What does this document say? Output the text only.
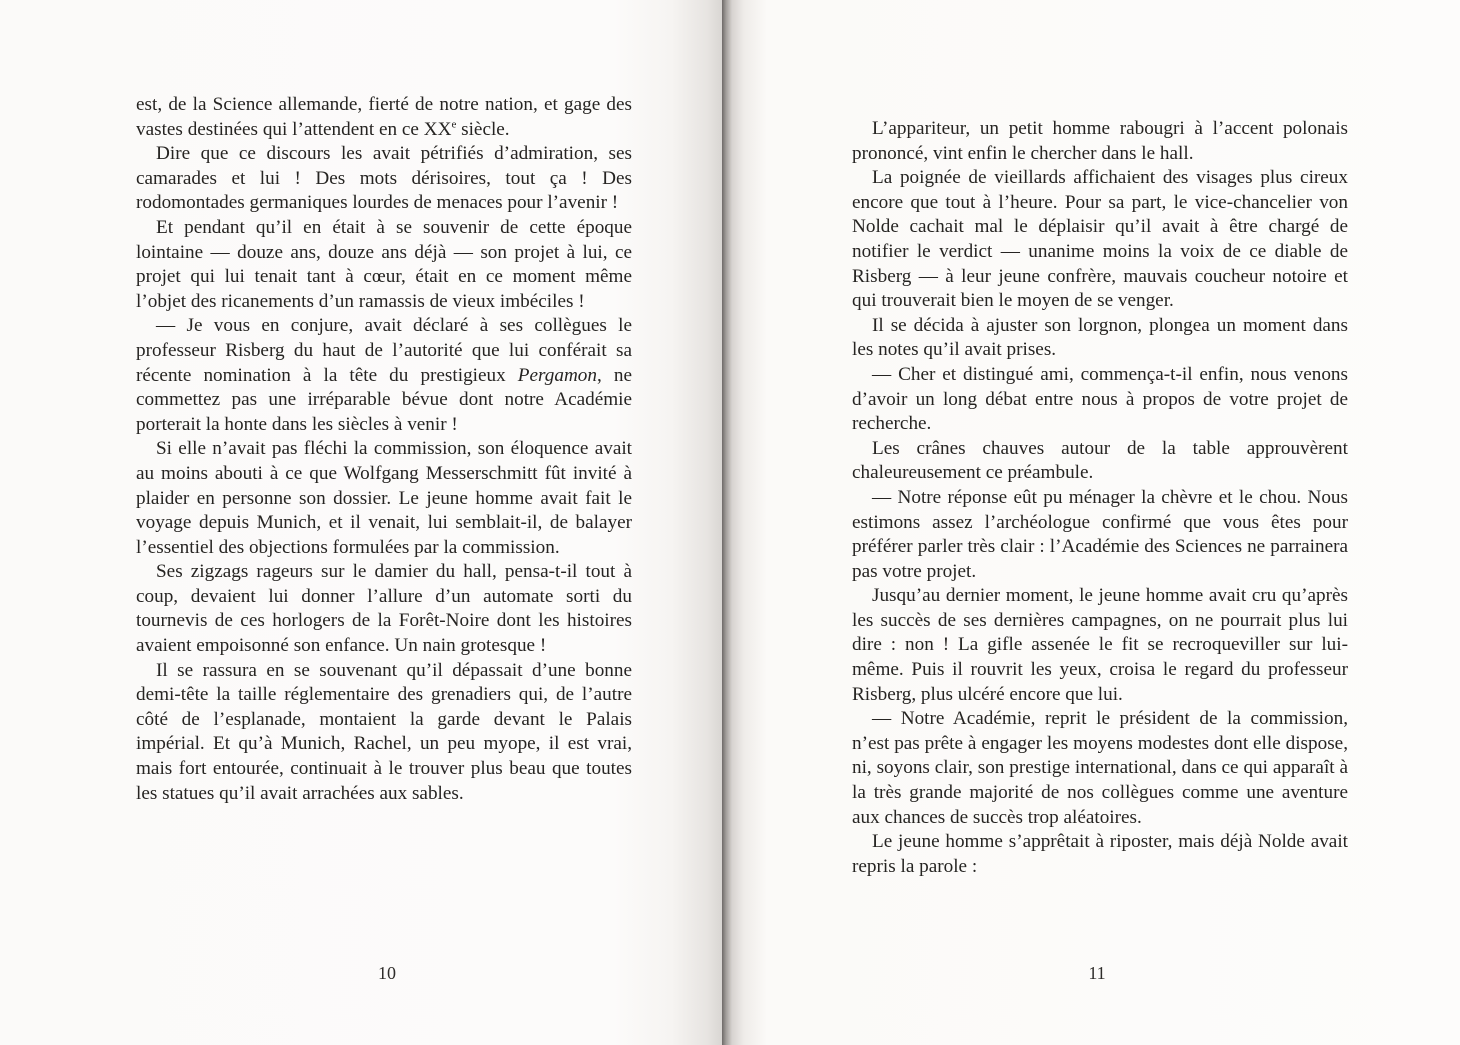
est, de la Science allemande, fierté de notre nation, et gage des vastes destinées qui l’attendent en ce XXe siècle.

Dire que ce discours les avait pétrifiés d’admiration, ses camarades et lui ! Des mots dérisoires, tout ça ! Des rodomontades germaniques lourdes de menaces pour l’avenir !

Et pendant qu’il en était à se souvenir de cette époque lointaine — douze ans, douze ans déjà — son projet à lui, ce projet qui lui tenait tant à cœur, était en ce moment même l’objet des ricanements d’un ramassis de vieux imbéciles !

— Je vous en conjure, avait déclaré à ses collègues le professeur Risberg du haut de l’autorité que lui conférait sa récente nomination à la tête du prestigieux Pergamon, ne commettez pas une irréparable bévue dont notre Académie porterait la honte dans les siècles à venir !

Si elle n’avait pas fléchi la commission, son éloquence avait au moins abouti à ce que Wolfgang Messerschmitt fût invité à plaider en personne son dossier. Le jeune homme avait fait le voyage depuis Munich, et il venait, lui semblait-il, de balayer l’essentiel des objections formulées par la commission.

Ses zigzags rageurs sur le damier du hall, pensa-t-il tout à coup, devaient lui donner l’allure d’un automate sorti du tournevis de ces horlogers de la Forêt-Noire dont les histoires avaient empoisonné son enfance. Un nain grotesque !

Il se rassura en se souvenant qu’il dépassait d’une bonne demi-tête la taille réglementaire des grenadiers qui, de l’autre côté de l’esplanade, montaient la garde devant le Palais impérial. Et qu’à Munich, Rachel, un peu myope, il est vrai, mais fort entourée, continuait à le trouver plus beau que toutes les statues qu’il avait arrachées aux sables.

10

L’appariteur, un petit homme rabougri à l’accent polonais prononcé, vint enfin le chercher dans le hall.

La poignée de vieillards affichaient des visages plus cireux encore que tout à l’heure. Pour sa part, le vice-chancelier von Nolde cachait mal le déplaisir qu’il avait à être chargé de notifier le verdict — unanime moins la voix de ce diable de Risberg — à leur jeune confrère, mauvais coucheur notoire et qui trouverait bien le moyen de se venger.

Il se décida à ajuster son lorgnon, plongea un moment dans les notes qu’il avait prises.

— Cher et distingué ami, commença-t-il enfin, nous venons d’avoir un long débat entre nous à propos de votre projet de recherche.

Les crânes chauves autour de la table approuvèrent chaleureusement ce préambule.

— Notre réponse eût pu ménager la chèvre et le chou. Nous estimons assez l’archéologue confirmé que vous êtes pour préférer parler très clair : l’Académie des Sciences ne parrainera pas votre projet.

Jusqu’au dernier moment, le jeune homme avait cru qu’après les succès de ses dernières campagnes, on ne pourrait plus lui dire : non ! La gifle assenée le fit se recroqueviller sur lui-même. Puis il rouvrit les yeux, croisa le regard du professeur Risberg, plus ulcéré encore que lui.

— Notre Académie, reprit le président de la commission, n’est pas prête à engager les moyens modestes dont elle dispose, ni, soyons clair, son prestige international, dans ce qui apparaît à la très grande majorité de nos collègues comme une aventure aux chances de succès trop aléatoires.

Le jeune homme s’apprêtait à riposter, mais déjà Nolde avait repris la parole :

11
